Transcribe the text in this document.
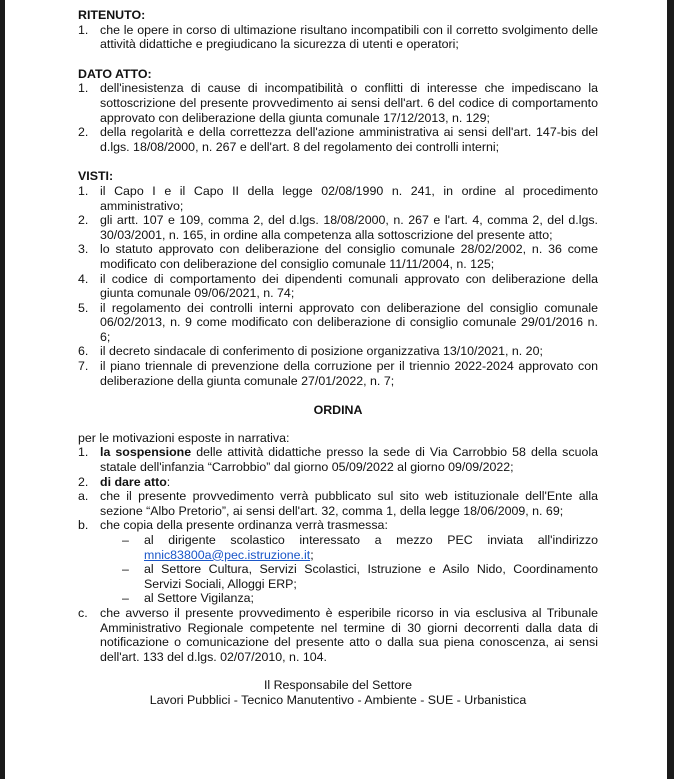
RITENUTO:

1. che le opere in corso di ultimazione risultano incompatibili con il corretto svolgimento delle attività didattiche e pregiudicano la sicurezza di utenti e operatori;

DATO ATTO:

1. dell'inesistenza di cause di incompatibilità o conflitti di interesse che impediscano la sottoscrizione del presente provvedimento ai sensi dell'art. 6 del codice di comportamento approvato con deliberazione della giunta comunale 17/12/2013, n. 129;
2. della regolarità e della correttezza dell'azione amministrativa ai sensi dell'art. 147-bis del d.lgs. 18/08/2000, n. 267 e dell'art. 8 del regolamento dei controlli interni;

VISTI:

1. il Capo I e il Capo II della legge 02/08/1990 n. 241, in ordine al procedimento amministrativo;
2. gli artt. 107 e 109, comma 2, del d.lgs. 18/08/2000, n. 267 e l'art. 4, comma 2, del d.lgs. 30/03/2001, n. 165, in ordine alla competenza alla sottoscrizione del presente atto;
3. lo statuto approvato con deliberazione del consiglio comunale 28/02/2002, n. 36 come modificato con deliberazione del consiglio comunale 11/11/2004, n. 125;
4. il codice di comportamento dei dipendenti comunali approvato con deliberazione della giunta comunale 09/06/2021, n. 74;
5. il regolamento dei controlli interni approvato con deliberazione del consiglio comunale 06/02/2013, n. 9 come modificato con deliberazione di consiglio comunale 29/01/2016 n. 6;
6. il decreto sindacale di conferimento di posizione organizzativa 13/10/2021, n. 20;
7. il piano triennale di prevenzione della corruzione per il triennio 2022-2024 approvato con deliberazione della giunta comunale 27/01/2022, n. 7;

ORDINA

per le motivazioni esposte in narrativa:

1. la sospensione delle attività didattiche presso la sede di Via Carrobbio 58 della scuola statale dell'infanzia “Carrobbio” dal giorno 05/09/2022 al giorno 09/09/2022;
2. di dare atto:
a. che il presente provvedimento verrà pubblicato sul sito web istituzionale dell'Ente alla sezione “Albo Pretorio”, ai sensi dell'art. 32, comma 1, della legge 18/06/2009, n. 69;
b. che copia della presente ordinanza verrà trasmessa:
–	al dirigente scolastico interessato a mezzo PEC inviata all'indirizzo mnic83800a@pec.istruzione.it;
–	al Settore Cultura, Servizi Scolastici, Istruzione e Asilo Nido, Coordinamento Servizi Sociali, Alloggi ERP;
–	al Settore Vigilanza;
c. che avverso il presente provvedimento è esperibile ricorso in via esclusiva al Tribunale Amministrativo Regionale competente nel termine di 30 giorni decorrenti dalla data di notificazione o comunicazione del presente atto o dalla sua piena conoscenza, ai sensi dell'art. 133 del d.lgs. 02/07/2010, n. 104.
Il Responsabile del Settore
Lavori Pubblici - Tecnico Manutentivo - Ambiente - SUE - Urbanistica
